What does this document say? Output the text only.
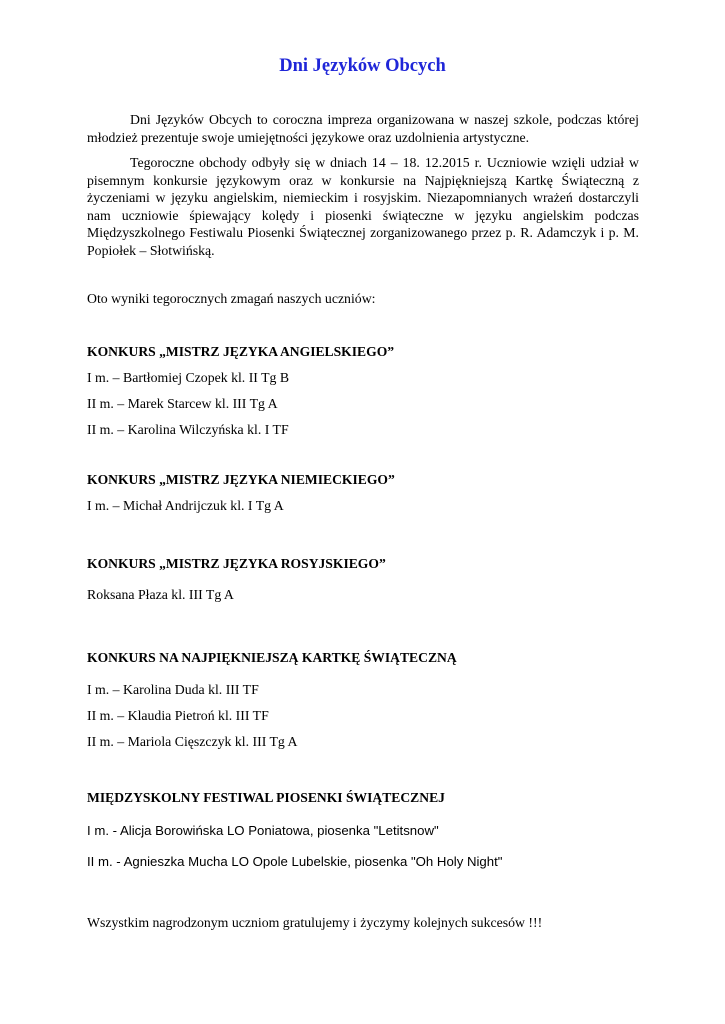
Dni Języków Obcych

Dni Języków Obcych to coroczna impreza organizowana w naszej szkole, podczas której młodzież prezentuje swoje umiejętności językowe oraz uzdolnienia artystyczne.

Tegoroczne obchody odbyły się w dniach 14 – 18. 12.2015 r. Uczniowie wzięli udział w pisemnym konkursie językowym oraz w konkursie na Najpiękniejszą Kartkę Świąteczną z życzeniami w języku angielskim, niemieckim i rosyjskim. Niezapomnianych wrażeń dostarczyli nam uczniowie śpiewający kolędy i piosenki świąteczne w języku angielskim podczas Międzyszkolnego Festiwalu Piosenki Świątecznej zorganizowanego przez p. R. Adamczyk i p. M. Popiołek – Słotwińską.

Oto wyniki tegorocznych zmagań naszych uczniów:
KONKURS „MISTRZ JĘZYKA ANGIELSKIEGO”
I m. – Bartłomiej Czopek kl. II Tg B
II m. – Marek Starcew kl. III Tg A
II m. – Karolina Wilczyńska kl. I TF
KONKURS „MISTRZ JĘZYKA NIEMIECKIEGO”
I m. – Michał Andrijczuk kl. I Tg A
KONKURS „MISTRZ JĘZYKA ROSYJSKIEGO”
Roksana Płaza kl. III Tg A
KONKURS NA NAJPIĘKNIEJSZĄ KARTKĘ ŚWIĄTECZNĄ
I m. – Karolina Duda kl. III TF
II m. – Klaudia Pietroń kl. III TF
II m. – Mariola Cięszczyk kl. III Tg A
MIĘDZYSKOLNY FESTIWAL PIOSENKI ŚWIĄTECZNEJ
I m. - Alicja Borowińska LO Poniatowa, piosenka "Letitsnow"
II m. - Agnieszka Mucha LO Opole Lubelskie, piosenka "Oh Holy Night"
Wszystkim nagrodzonym uczniom gratulujemy i życzymy kolejnych sukcesów !!!
